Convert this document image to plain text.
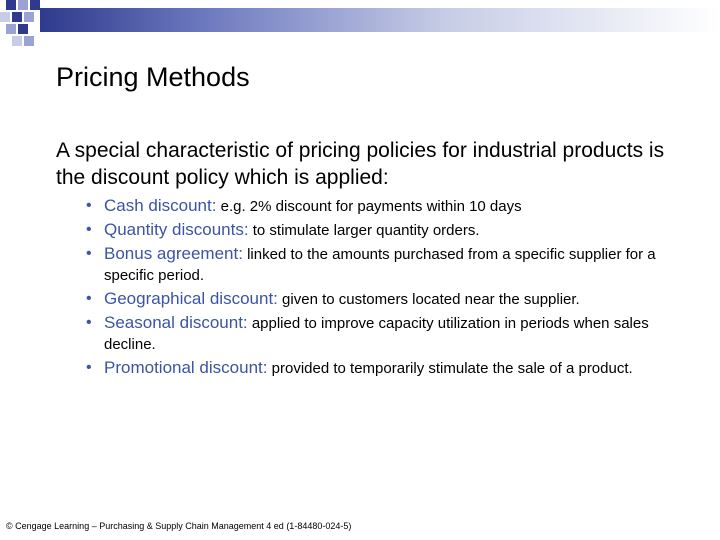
Pricing Methods
A special characteristic of pricing policies for industrial products is the discount policy which is applied:
• Cash discount: e.g. 2% discount for payments within 10 days
• Quantity discounts: to stimulate larger quantity orders.
• Bonus agreement: linked to the amounts purchased from a specific supplier for a specific period.
• Geographical discount: given to customers located near the supplier.
• Seasonal discount: applied to improve capacity utilization in periods when sales decline.
• Promotional discount: provided to temporarily stimulate the sale of a product.
© Cengage Learning – Purchasing & Supply Chain Management 4 ed (1-84480-024-5)
